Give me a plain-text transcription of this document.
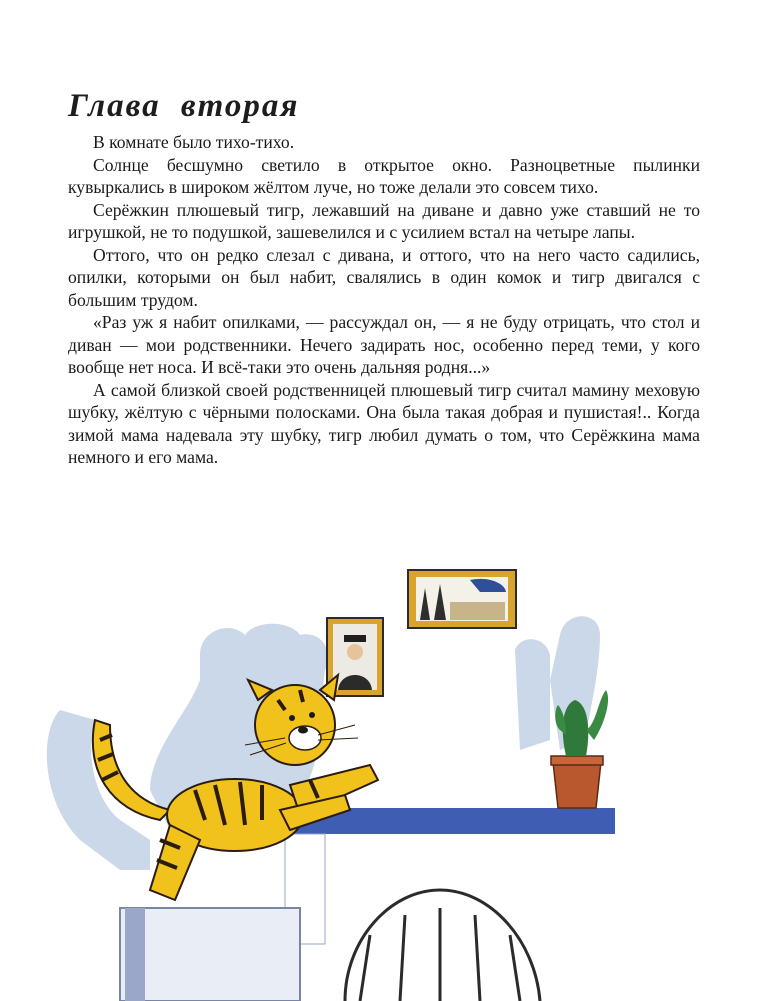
Глава вторая

В комнате было тихо-тихо.

Солнце бесшумно светило в открытое окно. Разноцветные пылинки кувыркались в широком жёлтом луче, но тоже делали это совсем тихо.

Серёжкин плюшевый тигр, лежавший на диване и давно уже ставший не то игрушкой, не то подушкой, зашевелился и с усилием встал на четыре лапы.

Оттого, что он редко слезал с дивана, и оттого, что на него часто садились, опилки, которыми он был набит, свалялись в один комок и тигр двигался с большим трудом.

«Раз уж я набит опилками, — рассуждал он, — я не буду отрицать, что стол и диван — мои родственники. Нечего задирать нос, особенно перед теми, у кого вообще нет носа. И всё-таки это очень дальняя родня...»

А самой близкой своей родственницей плюшевый тигр считал мамину меховую шубку, жёлтую с чёрными полосками. Она была такая добрая и пушистая!.. Когда зимой мама надевала эту шубку, тигр любил думать о том, что Серёжкина мама немного и его мама.
